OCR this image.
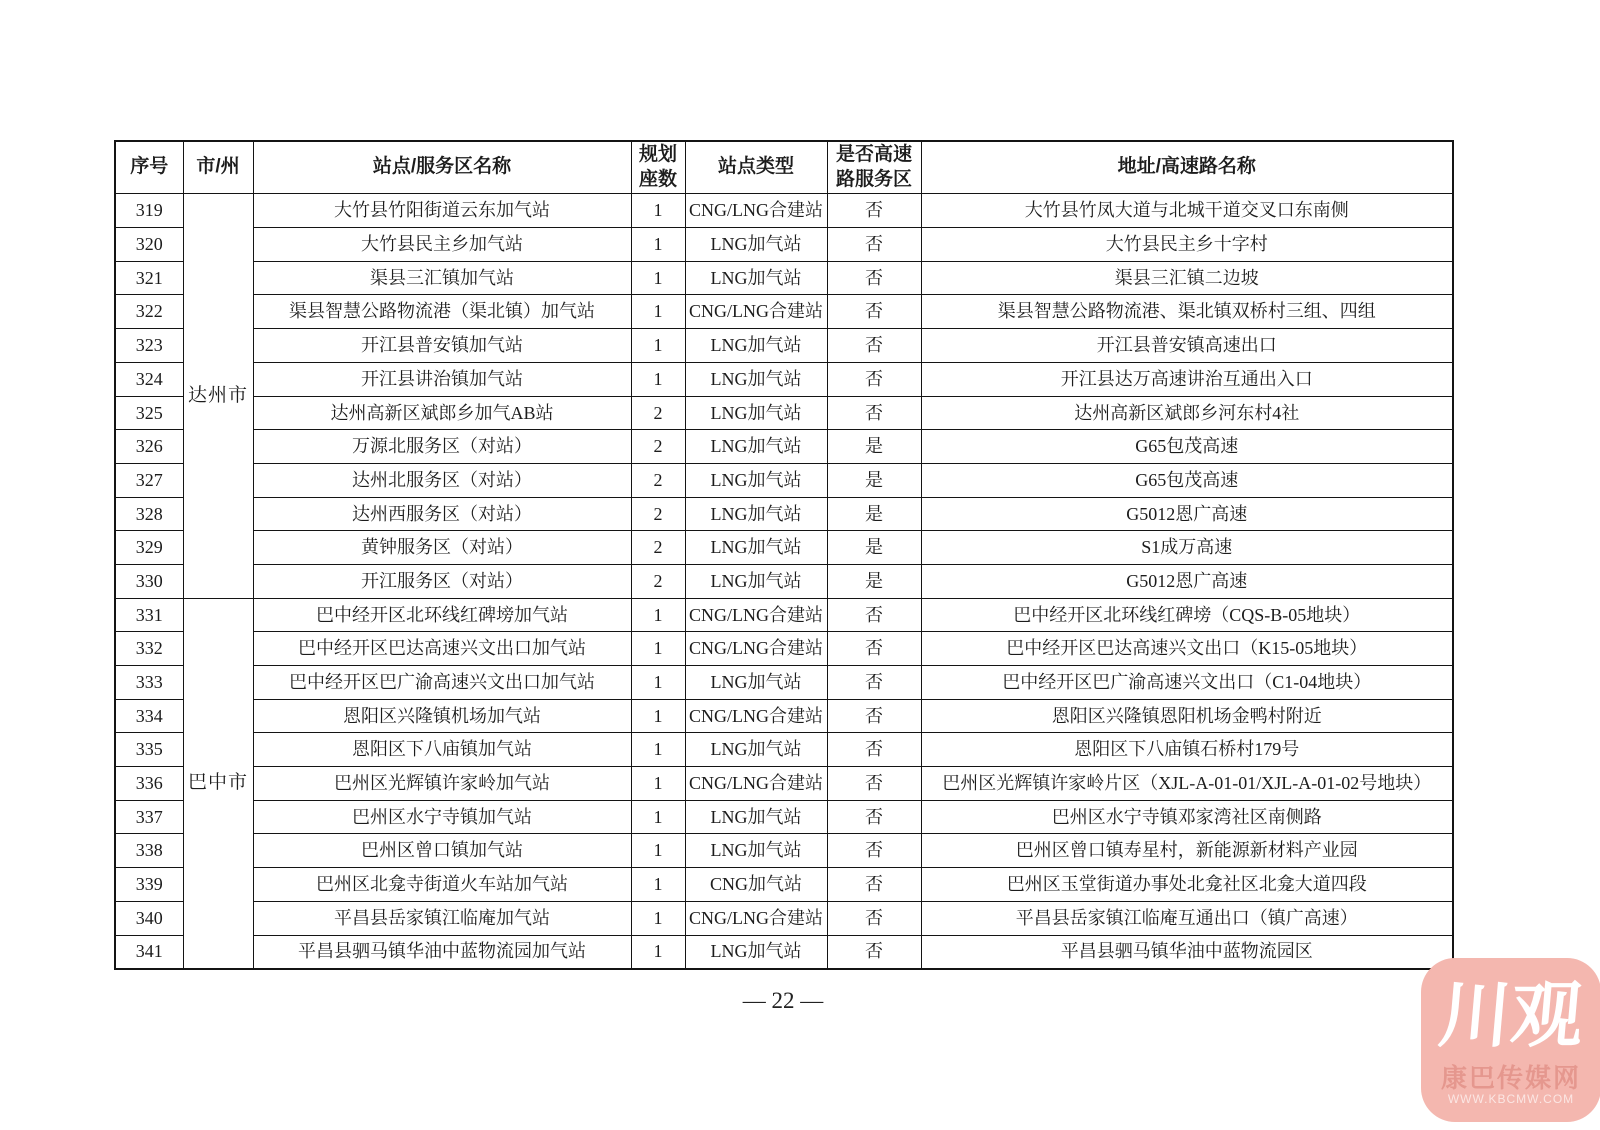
序号	市/州	站点/服务区名称	规划座数	站点类型	是否高速路服务区	地址/高速路名称
319	达州市	大竹县竹阳街道云东加气站	1	CNG/LNG合建站	否	大竹县竹凤大道与北城干道交叉口东南侧
320		大竹县民主乡加气站	1	LNG加气站	否	大竹县民主乡十字村
321		渠县三汇镇加气站	1	LNG加气站	否	渠县三汇镇二边坡
322		渠县智慧公路物流港（渠北镇）加气站	1	CNG/LNG合建站	否	渠县智慧公路物流港、渠北镇双桥村三组、四组
323		开江县普安镇加气站	1	LNG加气站	否	开江县普安镇高速出口
324		开江县讲治镇加气站	1	LNG加气站	否	开江县达万高速讲治互通出入口
325		达州高新区斌郎乡加气AB站	2	LNG加气站	否	达州高新区斌郎乡河东村4社
326		万源北服务区（对站）	2	LNG加气站	是	G65包茂高速
327		达州北服务区（对站）	2	LNG加气站	是	G65包茂高速
328		达州西服务区（对站）	2	LNG加气站	是	G5012恩广高速
329		黄钟服务区（对站）	2	LNG加气站	是	S1成万高速
330		开江服务区（对站）	2	LNG加气站	是	G5012恩广高速
331	巴中市	巴中经开区北环线红碑塝加气站	1	CNG/LNG合建站	否	巴中经开区北环线红碑塝（CQS-B-05地块）
332		巴中经开区巴达高速兴文出口加气站	1	CNG/LNG合建站	否	巴中经开区巴达高速兴文出口（K15-05地块）
333		巴中经开区巴广渝高速兴文出口加气站	1	LNG加气站	否	巴中经开区巴广渝高速兴文出口（C1-04地块）
334		恩阳区兴隆镇机场加气站	1	CNG/LNG合建站	否	恩阳区兴隆镇恩阳机场金鸭村附近
335		恩阳区下八庙镇加气站	1	LNG加气站	否	恩阳区下八庙镇石桥村179号
336		巴州区光辉镇许家岭加气站	1	CNG/LNG合建站	否	巴州区光辉镇许家岭片区（XJL-A-01-01/XJL-A-01-02号地块）
337		巴州区水宁寺镇加气站	1	LNG加气站	否	巴州区水宁寺镇邓家湾社区南侧路
338		巴州区曾口镇加气站	1	LNG加气站	否	巴州区曾口镇寿星村，新能源新材料产业园
339		巴州区北龛寺街道火车站加气站	1	CNG加气站	否	巴州区玉堂街道办事处北龛社区北龛大道四段
340		平昌县岳家镇江临庵加气站	1	CNG/LNG合建站	否	平昌县岳家镇江临庵互通出口（镇广高速）
341		平昌县驷马镇华油中蓝物流园加气站	1	LNG加气站	否	平昌县驷马镇华油中蓝物流园区
— 22 —	川观
康巴传媒网
WWW.KBCMW.COM
